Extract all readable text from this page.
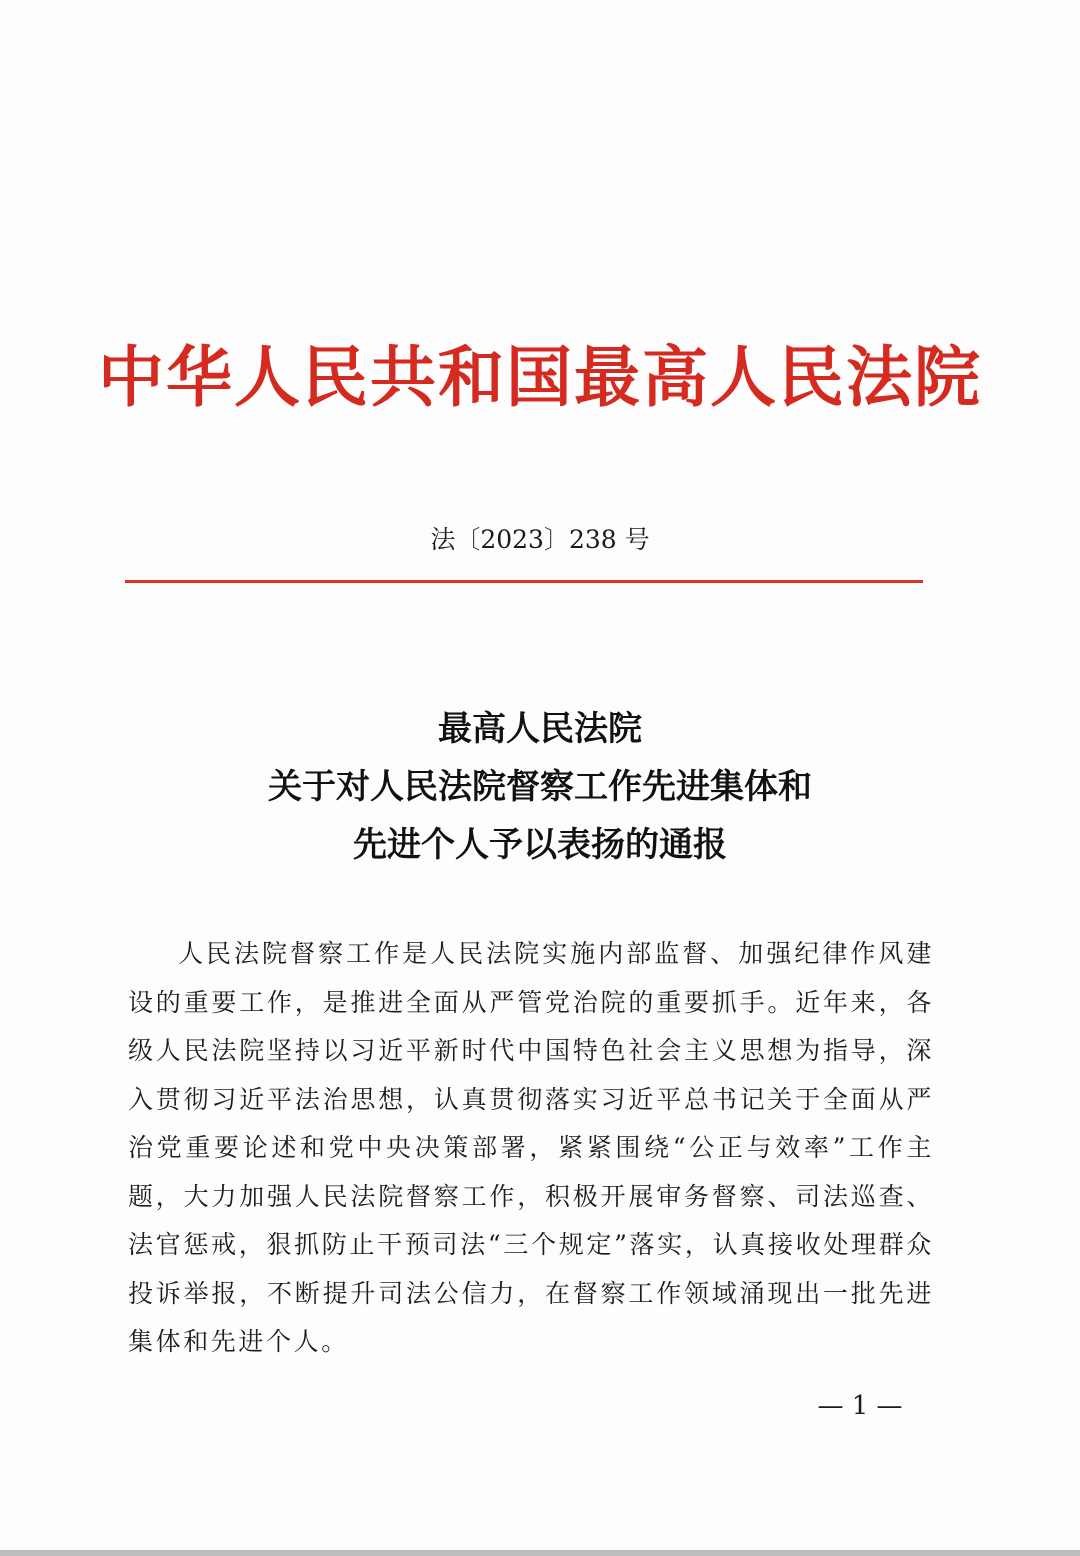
中华人民共和国最高人民法院
法〔2023〕238 号
最高人民法院
关于对人民法院督察工作先进集体和
先进个人予以表扬的通报

人民法院督察工作是人民法院实施内部监督、加强纪律作风建设的重要工作，是推进全面从严管党治院的重要抓手。近年来，各级人民法院坚持以习近平新时代中国特色社会主义思想为指导，深入贯彻习近平法治思想，认真贯彻落实习近平总书记关于全面从严治党重要论述和党中央决策部署，紧紧围绕“公正与效率”工作主题，大力加强人民法院督察工作，积极开展审务督察、司法巡查、法官惩戒，狠抓防止干预司法“三个规定”落实，认真接收处理群众投诉举报，不断提升司法公信力，在督察工作领域涌现出一批先进集体和先进个人。

— 1 —
